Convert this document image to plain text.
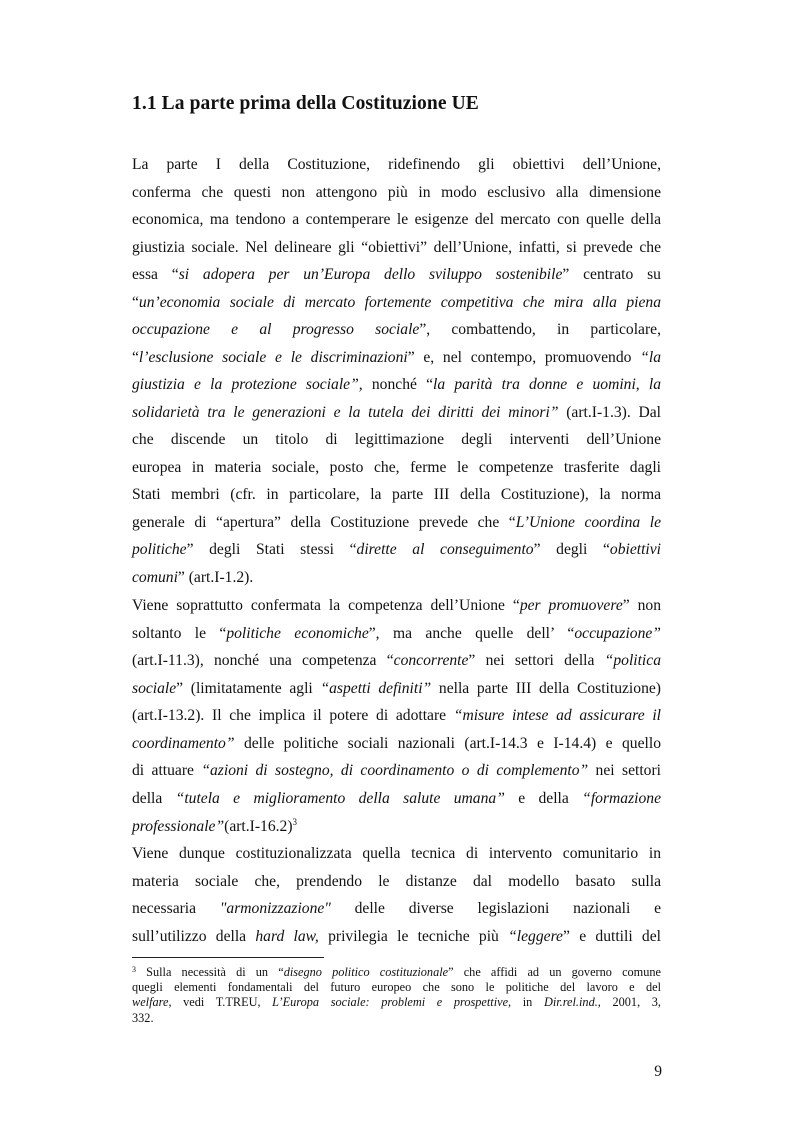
1.1 La parte prima della Costituzione UE
La parte I della Costituzione, ridefinendo gli obiettivi dell’Unione,
conferma che questi non attengono più in modo esclusivo alla dimensione
economica, ma tendono a contemperare le esigenze del mercato con quelle della
giustizia sociale. Nel delineare gli “obiettivi” dell’Unione, infatti, si prevede che
essa “si adopera per un’Europa dello sviluppo sostenibile” centrato su
“un’economia sociale di mercato fortemente competitiva che mira alla piena
occupazione e al progresso sociale”, combattendo, in particolare,
“l’esclusione sociale e le discriminazioni” e, nel contempo, promuovendo “la
giustizia e la protezione sociale”, nonché “la parità tra donne e uomini, la
solidarietà tra le generazioni e la tutela dei diritti dei minori” (art.I-1.3). Dal
che discende un titolo di legittimazione degli interventi dell’Unione
europea in materia sociale, posto che, ferme le competenze trasferite dagli
Stati membri (cfr. in particolare, la parte III della Costituzione), la norma
generale di “apertura” della Costituzione prevede che “L’Unione coordina le
politiche” degli Stati stessi “dirette al conseguimento” degli “obiettivi
comuni” (art.I-1.2).
Viene soprattutto confermata la competenza dell’Unione “per promuovere” non
soltanto le “politiche economiche”, ma anche quelle dell’ “occupazione”
(art.I-11.3), nonché una competenza “concorrente” nei settori della “politica
sociale” (limitatamente agli “aspetti definiti” nella parte III della Costituzione)
(art.I-13.2). Il che implica il potere di adottare “misure intese ad assicurare il
coordinamento” delle politiche sociali nazionali (art.I-14.3 e I-14.4) e quello
di attuare “azioni di sostegno, di coordinamento o di complemento” nei settori
della “tutela e miglioramento della salute umana” e della “formazione
$professionale”(art.I-16.2)^3$
Viene dunque costituzionalizzata quella tecnica di intervento comunitario in
materia sociale che, prendendo le distanze dal modello basato sulla
necessaria "armonizzazione" delle diverse legislazioni nazionali e
sull’utilizzo della hard law, privilegia le tecniche più “leggere” e duttili del
$^3$ Sulla necessità di un “disegno politico costituzionale” che affidi ad un governo comune
quegli elementi fondamentali del futuro europeo che sono le politiche del lavoro e del
welfare, vedi T.TREU, L’Europa sociale: problemi e prospettive, in Dir.rel.ind., 2001, 3,
332.
9
